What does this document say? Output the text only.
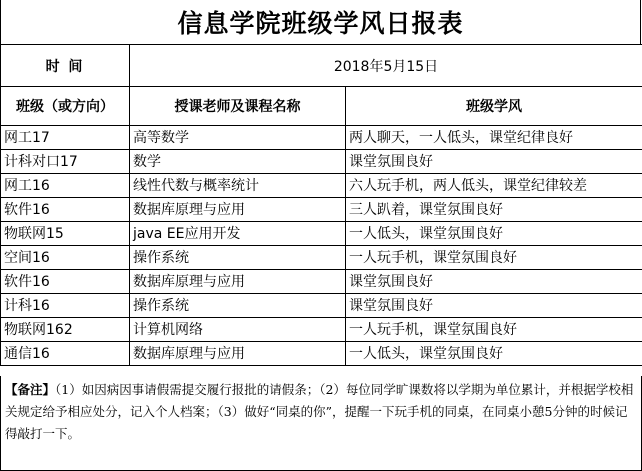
信息学院班级学风日报表
时 间	2018年5月15日	
班级（或方向）	授课老师及课程名称	班级学风
网工17	高等数学	两人聊天，一人低头，课堂纪律良好
计科对口17	数学	课堂氛围良好
网工16	线性代数与概率统计	六人玩手机，两人低头，课堂纪律较差
软件16	数据库原理与应用	三人趴着，课堂氛围良好
物联网15	java EE应用开发	一人低头，课堂氛围良好
空间16	操作系统	一人玩手机，课堂氛围良好
软件16	数据库原理与应用	课堂氛围良好
计科16	操作系统	课堂氛围良好
物联网162	计算机网络	一人玩手机，课堂氛围良好
通信16	数据库原理与应用	一人低头，课堂氛围良好
【备注】（1）如因病因事请假需提交履行报批的请假条；（2）每位同学旷课数将以学期为单位累计，并根据学校相关规定给予相应处分，记入个人档案；（3）做好“同桌的你”，提醒一下玩手机的同桌，在同桌小憩5分钟的时候记得敲打一下。
